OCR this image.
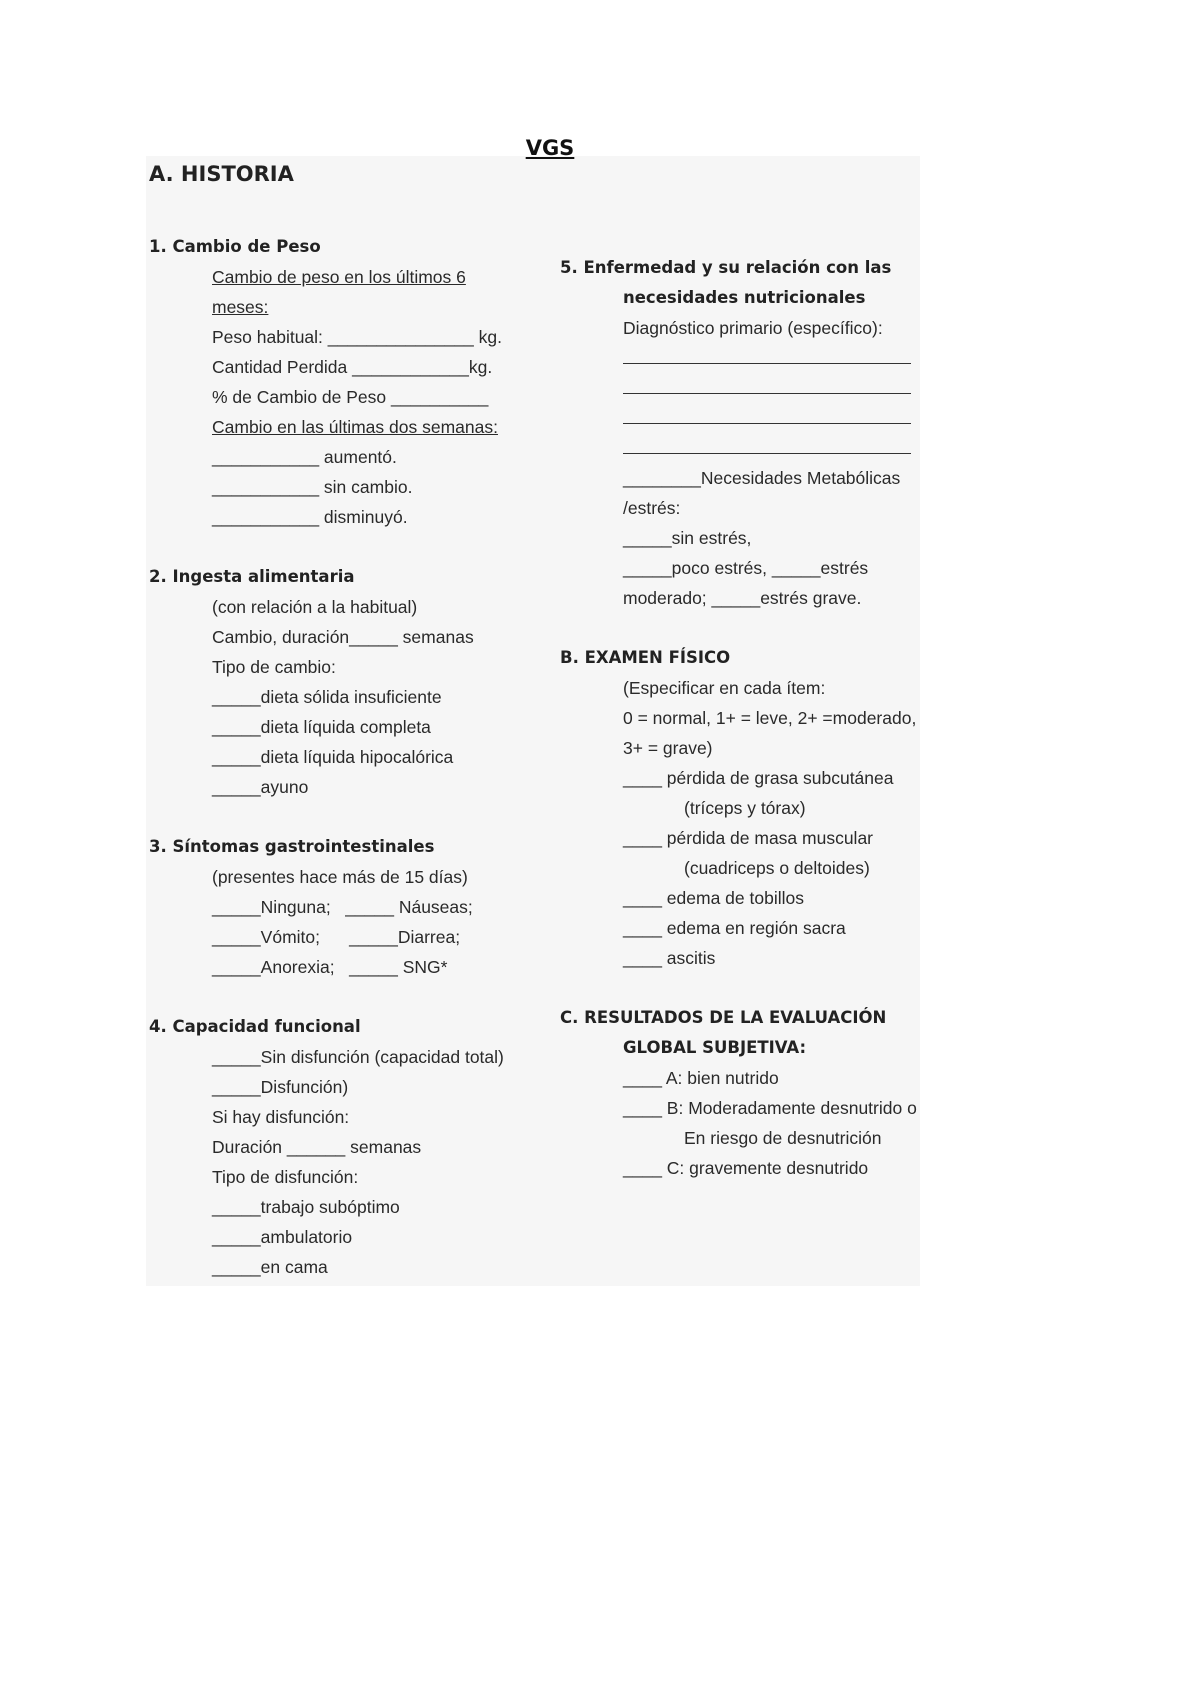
VGS
A. HISTORIA
1. Cambio de Peso
Cambio de peso en los últimos 6
meses:
Peso habitual: _______________ kg.
Cantidad Perdida ____________kg.
% de Cambio de Peso __________
Cambio en las últimas dos semanas:
___________ aumentó.
___________ sin cambio.
___________ disminuyó.
2. Ingesta alimentaria
(con relación a la habitual)
Cambio, duración_____ semanas
Tipo de cambio:
_____dieta sólida insuficiente
_____dieta líquida completa
_____dieta líquida hipocalórica
_____ayuno
3. Síntomas gastrointestinales
(presentes hace más de 15 días)
_____Ninguna;   _____ Náuseas;
_____Vómito;      _____Diarrea;
_____Anorexia;   _____ SNG*
4. Capacidad funcional
_____Sin disfunción (capacidad total)
_____Disfunción)
Si hay disfunción:
Duración ______ semanas
Tipo de disfunción:
_____trabajo subóptimo
_____ambulatorio
_____en cama
5. Enfermedad y su relación con las
necesidades nutricionales
Diagnóstico primario (específico):
________Necesidades Metabólicas
/estrés:
_____sin estrés,
_____poco estrés, _____estrés
moderado; _____estrés grave.
B. EXAMEN FÍSICO
(Especificar en cada ítem:
0 = normal, 1+ = leve, 2+ =moderado,
3+ = grave)
____ pérdida de grasa subcutánea
(tríceps y tórax)
____ pérdida de masa muscular
(cuadriceps o deltoides)
____ edema de tobillos
____ edema en región sacra
____ ascitis
C. RESULTADOS DE LA EVALUACIÓN
GLOBAL SUBJETIVA:
____ A: bien nutrido
____ B: Moderadamente desnutrido o
En riesgo de desnutrición
____ C: gravemente desnutrido
